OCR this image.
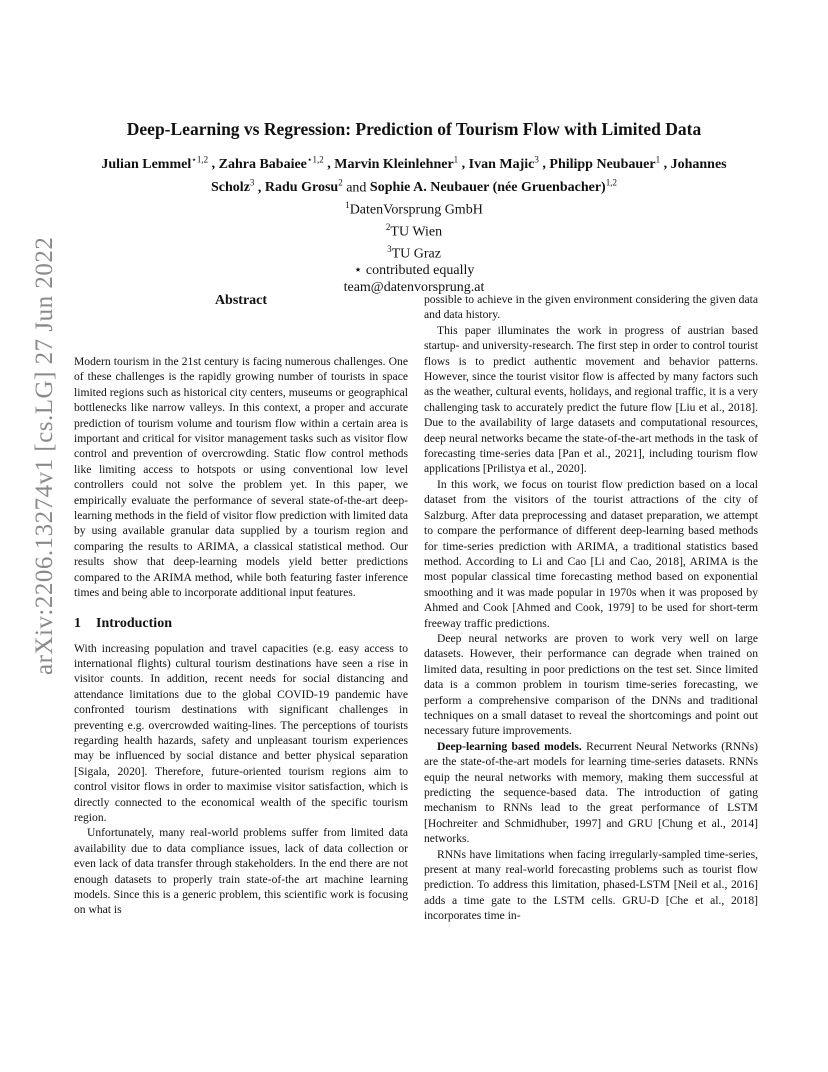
arXiv:2206.13274v1 [cs.LG] 27 Jun 2022
Deep-Learning vs Regression: Prediction of Tourism Flow with Limited Data
Julian Lemmel$^{⋆1,2}$ , Zahra Babaiee$^{⋆1,2}$ , Marvin Kleinlehner$^1$ , Ivan Majic$^3$ , Philipp Neubauer$^1$ , Johannes Scholz$^3$ , Radu Grosu$^2$ and Sophie A. Neubauer (née Gruenbacher)$^{1,2}$
$^1$DatenVorsprung GmbH
$^2$TU Wien
$^3$TU Graz
⋆ contributed equally
team@datenvorsprung.at
Abstract

Modern tourism in the 21st century is facing numerous challenges. One of these challenges is the rapidly growing number of tourists in space limited regions such as historical city centers, museums or geographical bottlenecks like narrow valleys. In this context, a proper and accurate prediction of tourism volume and tourism flow within a certain area is important and critical for visitor management tasks such as visitor flow control and prevention of overcrowding. Static flow control methods like limiting access to hotspots or using conventional low level controllers could not solve the problem yet. In this paper, we empirically evaluate the performance of several state-of-the-art deep-learning methods in the field of visitor flow prediction with limited data by using available granular data supplied by a tourism region and comparing the results to ARIMA, a classical statistical method. Our results show that deep-learning models yield better predictions compared to the ARIMA method, while both featuring faster inference times and being able to incorporate additional input features.

1 Introduction

With increasing population and travel capacities (e.g. easy access to international flights) cultural tourism destinations have seen a rise in visitor counts. In addition, recent needs for social distancing and attendance limitations due to the global COVID-19 pandemic have confronted tourism destinations with significant challenges in preventing e.g. overcrowded waiting-lines. The perceptions of tourists regarding health hazards, safety and unpleasant tourism experiences may be influenced by social distance and better physical separation [Sigala, 2020]. Therefore, future-oriented tourism regions aim to control visitor flows in order to maximise visitor satisfaction, which is directly connected to the economical wealth of the specific tourism region.

Unfortunately, many real-world problems suffer from limited data availability due to data compliance issues, lack of data collection or even lack of data transfer through stakeholders. In the end there are not enough datasets to properly train state-of-the art machine learning models. Since this is a generic problem, this scientific work is focusing on what is

possible to achieve in the given environment considering the given data and data history.

This paper illuminates the work in progress of austrian based startup- and university-research. The first step in order to control tourist flows is to predict authentic movement and behavior patterns. However, since the tourist visitor flow is affected by many factors such as the weather, cultural events, holidays, and regional traffic, it is a very challenging task to accurately predict the future flow [Liu et al., 2018]. Due to the availability of large datasets and computational resources, deep neural networks became the state-of-the-art methods in the task of forecasting time-series data [Pan et al., 2021], including tourism flow applications [Prilistya et al., 2020].

In this work, we focus on tourist flow prediction based on a local dataset from the visitors of the tourist attractions of the city of Salzburg. After data preprocessing and dataset preparation, we attempt to compare the performance of different deep-learning based methods for time-series prediction with ARIMA, a traditional statistics based method. According to Li and Cao [Li and Cao, 2018], ARIMA is the most popular classical time forecasting method based on exponential smoothing and it was made popular in 1970s when it was proposed by Ahmed and Cook [Ahmed and Cook, 1979] to be used for short-term freeway traffic predictions.

Deep neural networks are proven to work very well on large datasets. However, their performance can degrade when trained on limited data, resulting in poor predictions on the test set. Since limited data is a common problem in tourism time-series forecasting, we perform a comprehensive comparison of the DNNs and traditional techniques on a small dataset to reveal the shortcomings and point out necessary future improvements.

Deep-learning based models. Recurrent Neural Networks (RNNs) are the state-of-the-art models for learning time-series datasets. RNNs equip the neural networks with memory, making them successful at predicting the sequence-based data. The introduction of gating mechanism to RNNs lead to the great performance of LSTM [Hochreiter and Schmidhuber, 1997] and GRU [Chung et al., 2014] networks.

RNNs have limitations when facing irregularly-sampled time-series, present at many real-world forecasting problems such as tourist flow prediction. To address this limitation, phased-LSTM [Neil et al., 2016] adds a time gate to the LSTM cells. GRU-D [Che et al., 2018] incorporates time in-
